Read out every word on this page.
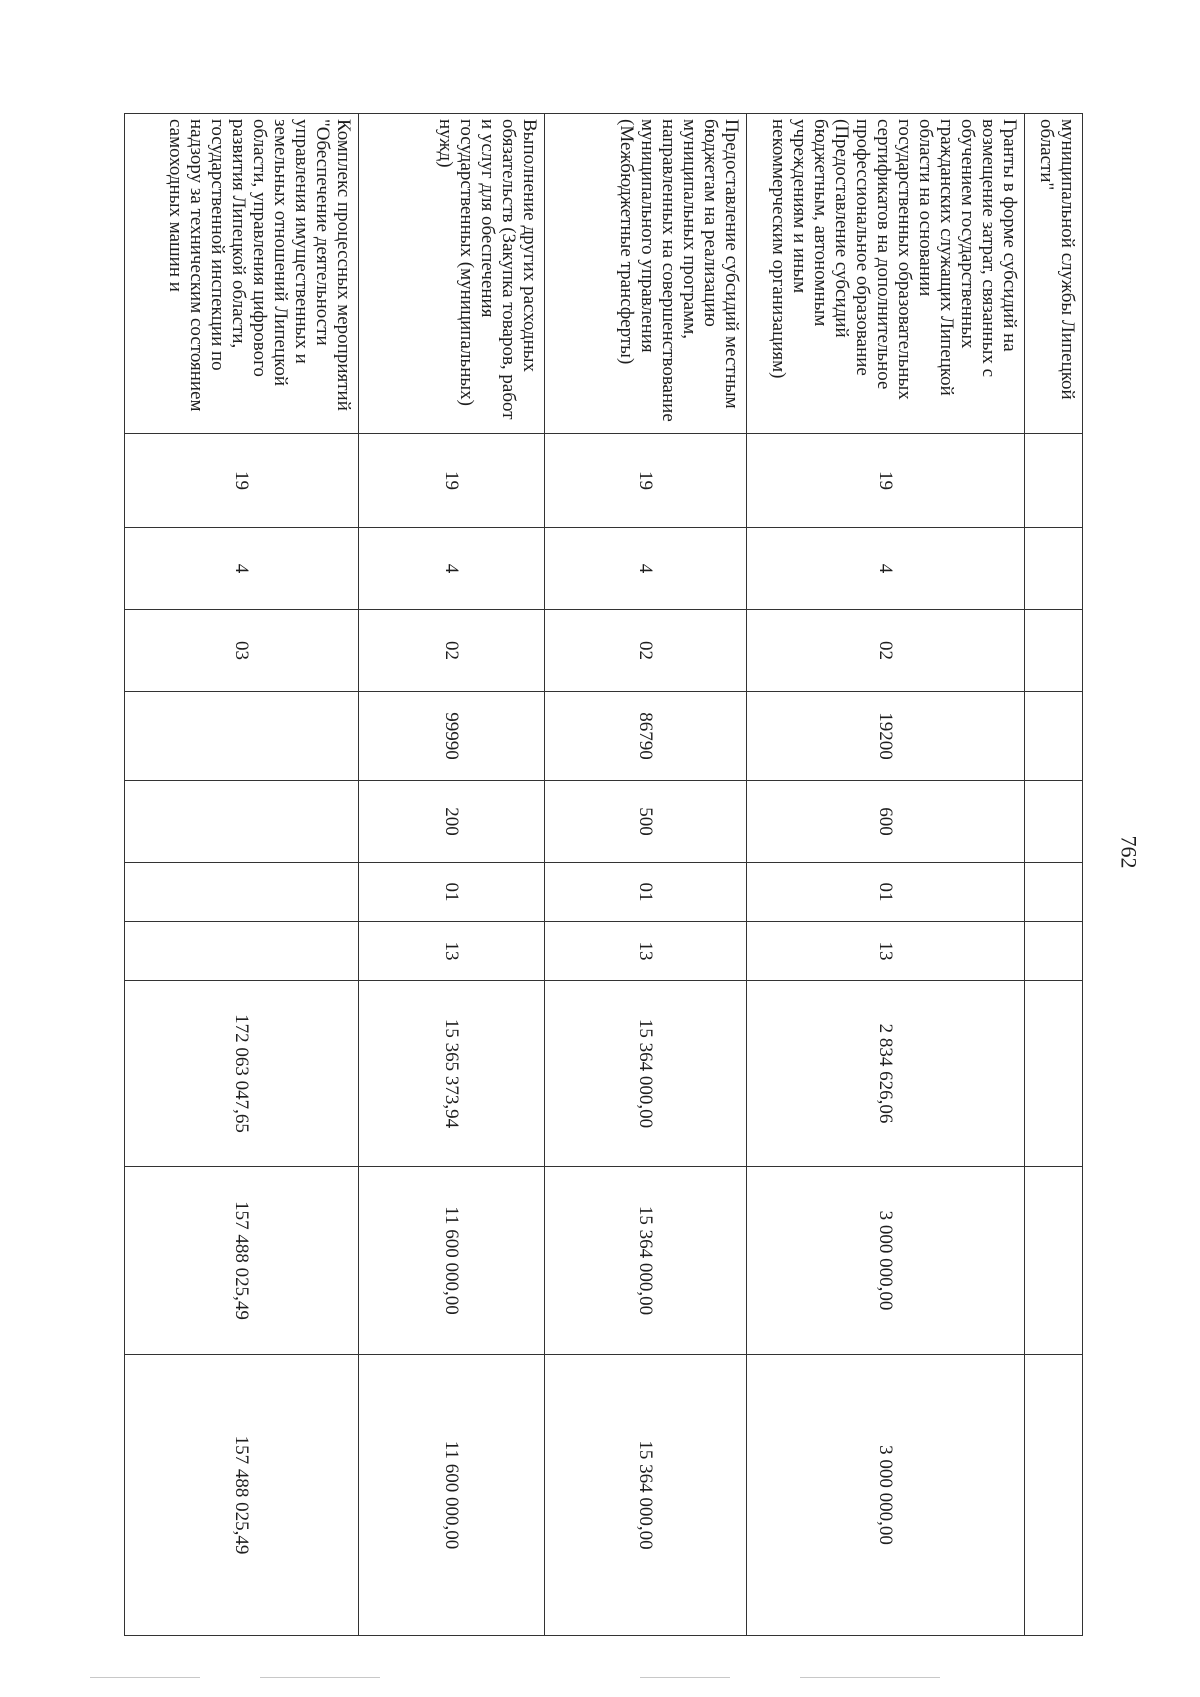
762
муниципальной службы Липецкой области"										
Гранты в форме субсидий на возмещение затрат, связанных с обучением государственных гражданских служащих Липецкой области на основании государственных образовательных сертификатов на дополнительное профессиональное образование (Предоставление субсидий бюджетным, автономным учреждениям и иным некоммерческим организациям)	19	4	02	19200	600	01	13	2 834 626,06	3 000 000,00	3 000 000,00
Предоставление субсидий местным бюджетам на реализацию муниципальных программ, направленных на совершенствование муниципального управления (Межбюджетные трансферты)	19	4	02	86790	500	01	13	15 364 000,00	15 364 000,00	15 364 000,00
Выполнение других расходных обязательств (Закупка товаров, работ и услуг для обеспечения государственных (муниципальных) нужд)	19	4	02	99990	200	01	13	15 365 373,94	11 600 000,00	11 600 000,00
Комплекс процессных мероприятий "Обеспечение деятельности управления имущественных и земельных отношений Липецкой области, управления цифрового развития Липецкой области, государственной инспекции по надзору за техническим состоянием самоходных машин и	19	4	03					172 063 047,65	157 488 025,49	157 488 025,49
